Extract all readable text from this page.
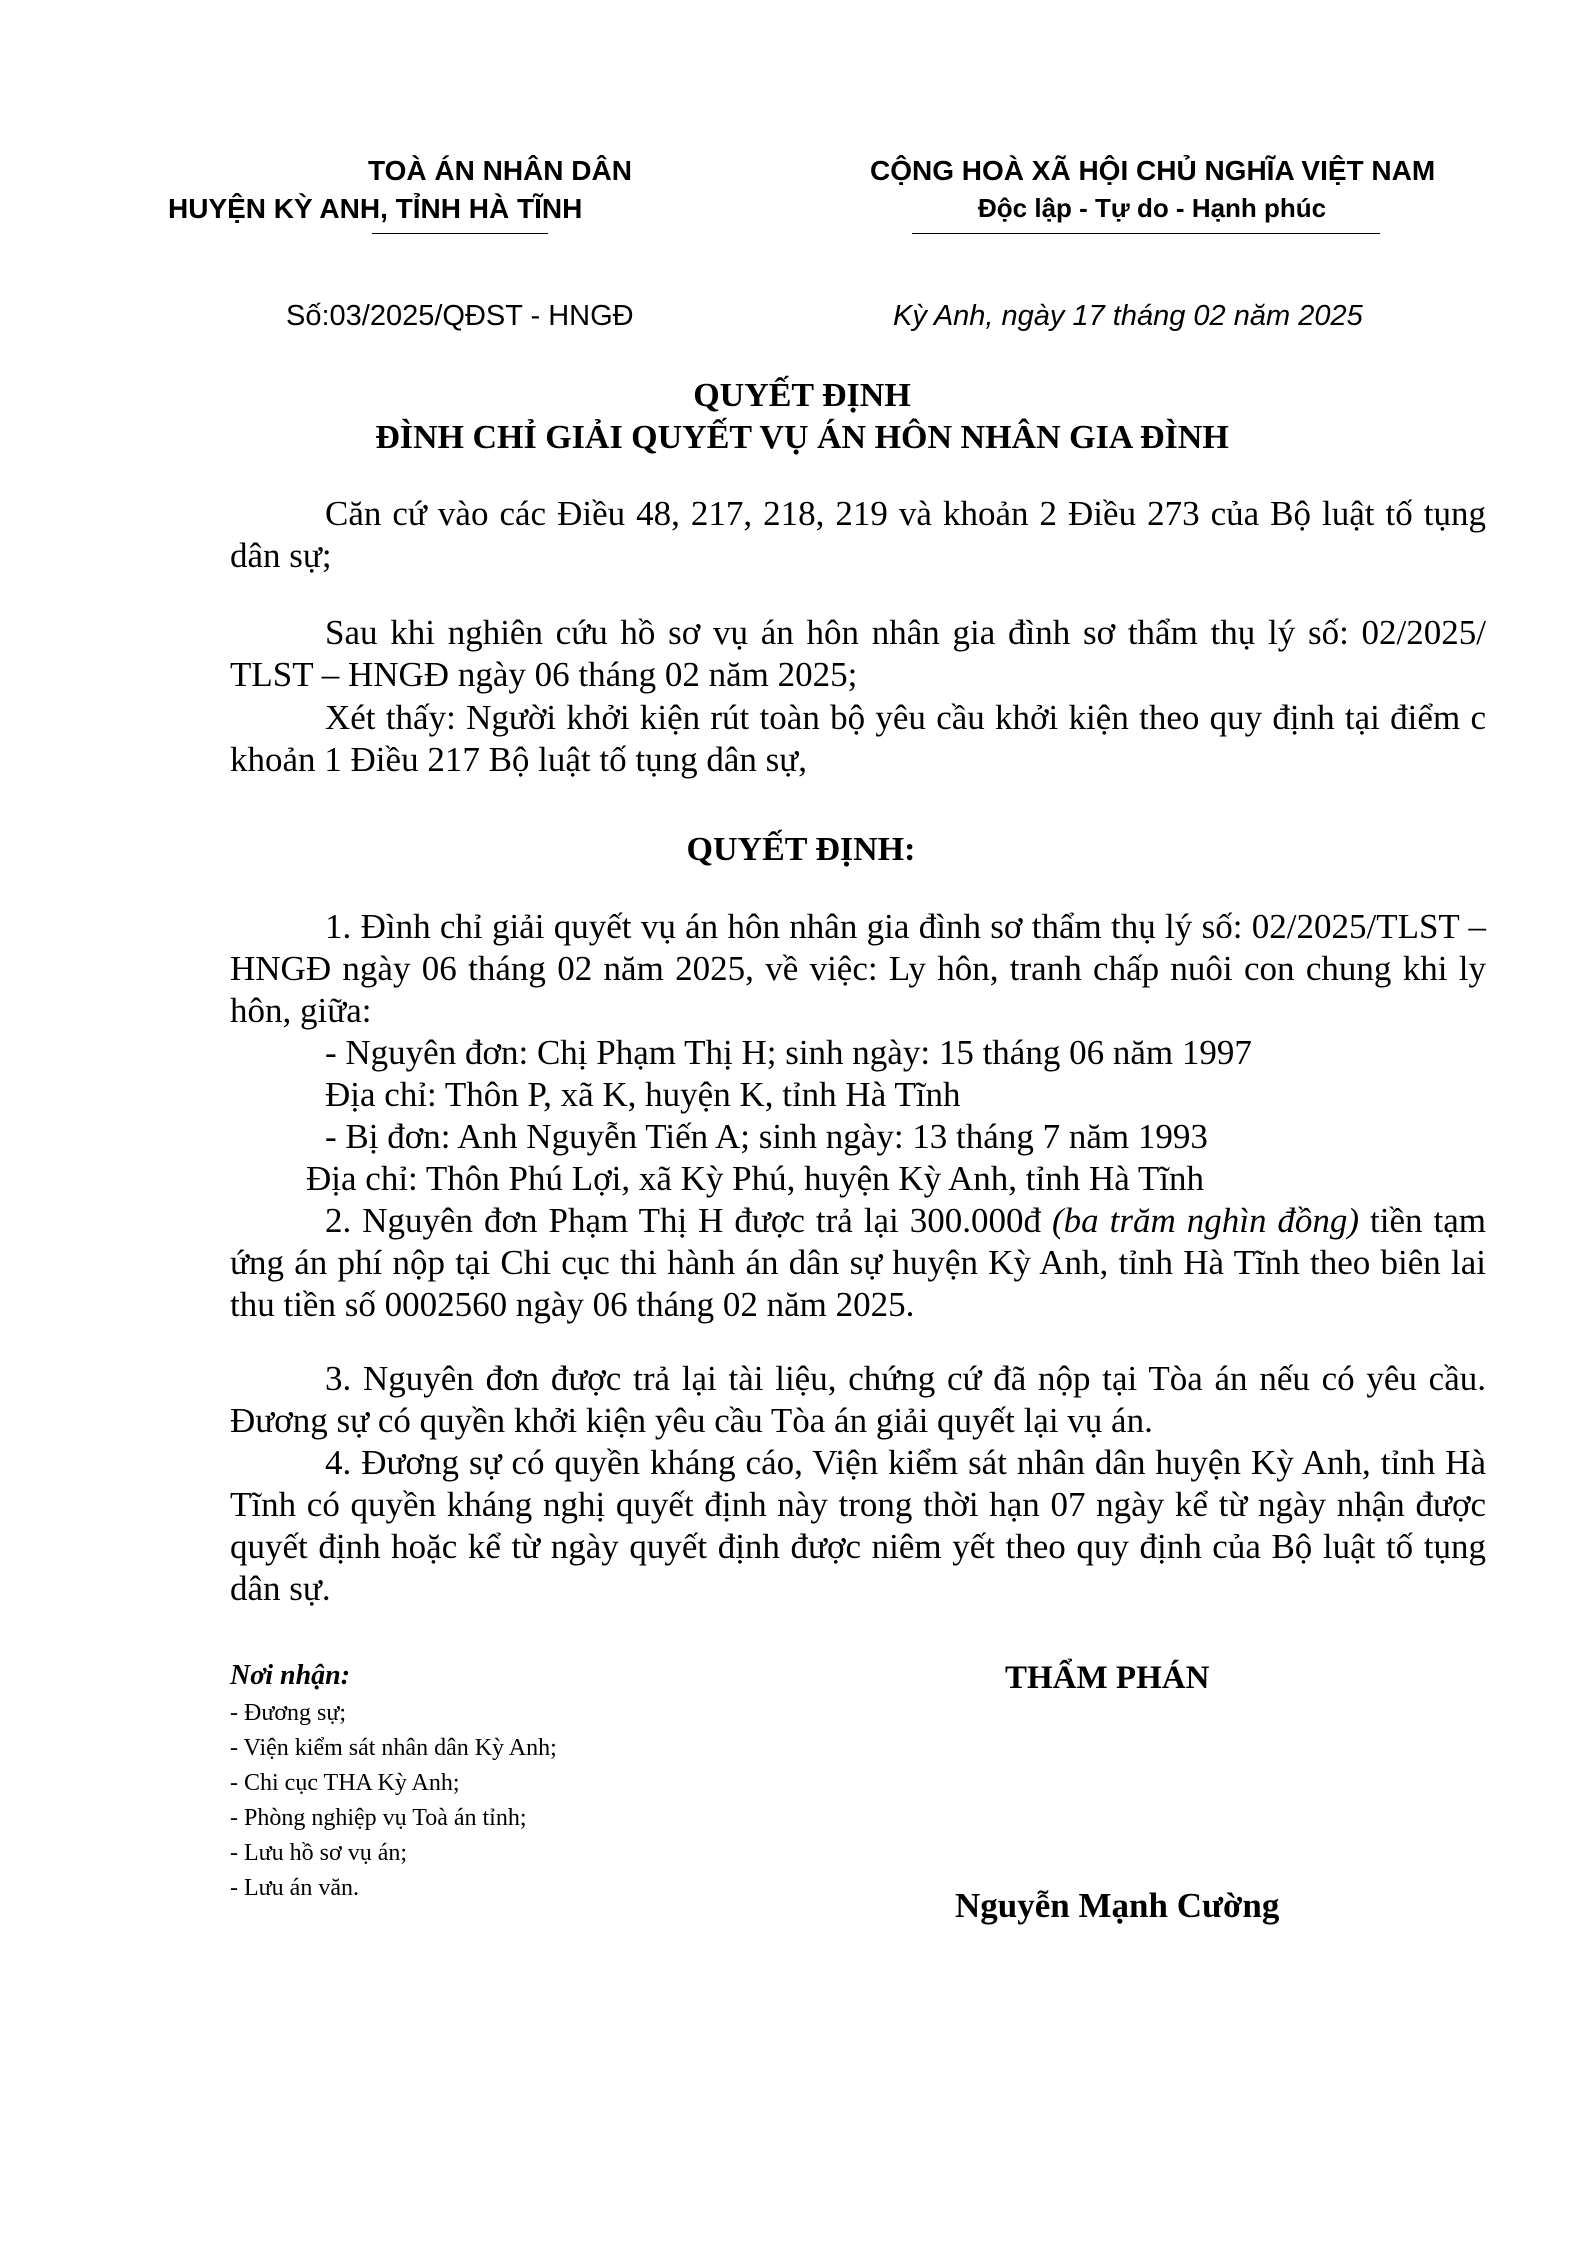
TOÀ ÁN NHÂN DÂN
HUYỆN KỲ ANH, TỈNH HÀ TĨNH
CỘNG HOÀ XÃ HỘI CHỦ NGHĨA VIỆT NAM
Độc lập - Tự do - Hạnh phúc
Số:03/2025/QĐST - HNGĐ	Kỳ Anh, ngày 17 tháng 02 năm 2025
QUYẾT ĐỊNH
ĐÌNH CHỈ GIẢI QUYẾT VỤ ÁN HÔN NHÂN GIA ĐÌNH
Căn cứ vào các Điều 48, 217, 218, 219 và khoản 2 Điều 273 của Bộ luật tố tụng dân sự;
Sau khi nghiên cứu hồ sơ vụ án hôn nhân gia đình sơ thẩm thụ lý số: 02/2025/ TLST – HNGĐ ngày 06 tháng 02 năm 2025;
Xét thấy: Người khởi kiện rút toàn bộ yêu cầu khởi kiện theo quy định tại điểm c khoản 1 Điều 217 Bộ luật tố tụng dân sự,
QUYẾT ĐỊNH:
1. Đình chỉ giải quyết vụ án hôn nhân gia đình sơ thẩm thụ lý số: 02/2025/TLST – HNGĐ ngày 06 tháng 02 năm 2025, về việc: Ly hôn, tranh chấp nuôi con chung khi ly hôn, giữa:
- Nguyên đơn: Chị Phạm Thị H; sinh ngày: 15 tháng 06 năm 1997
Địa chỉ: Thôn P, xã K, huyện K, tỉnh Hà Tĩnh
- Bị đơn: Anh Nguyễn Tiến A; sinh ngày: 13 tháng 7 năm 1993
Địa chỉ: Thôn Phú Lợi, xã Kỳ Phú, huyện Kỳ Anh, tỉnh Hà Tĩnh
2. Nguyên đơn Phạm Thị H được trả lại 300.000đ (ba trăm nghìn đồng) tiền tạm ứng án phí nộp tại Chi cục thi hành án dân sự huyện Kỳ Anh, tỉnh Hà Tĩnh theo biên lai thu tiền số 0002560 ngày 06 tháng 02 năm 2025.
3. Nguyên đơn được trả lại tài liệu, chứng cứ đã nộp tại Tòa án nếu có yêu cầu. Đương sự có quyền khởi kiện yêu cầu Tòa án giải quyết lại vụ án.
4. Đương sự có quyền kháng cáo, Viện kiểm sát nhân dân huyện Kỳ Anh, tỉnh Hà Tĩnh có quyền kháng nghị quyết định này trong thời hạn 07 ngày kể từ ngày nhận được quyết định hoặc kể từ ngày quyết định được niêm yết theo quy định của Bộ luật tố tụng dân sự.
Nơi nhận:
- Đương sự;
- Viện kiểm sát nhân dân Kỳ Anh;
- Chi cục THA Kỳ Anh;
- Phòng nghiệp vụ Toà án tỉnh;
- Lưu hồ sơ vụ án;
- Lưu án văn.
THẨM PHÁN
Nguyễn Mạnh Cường
